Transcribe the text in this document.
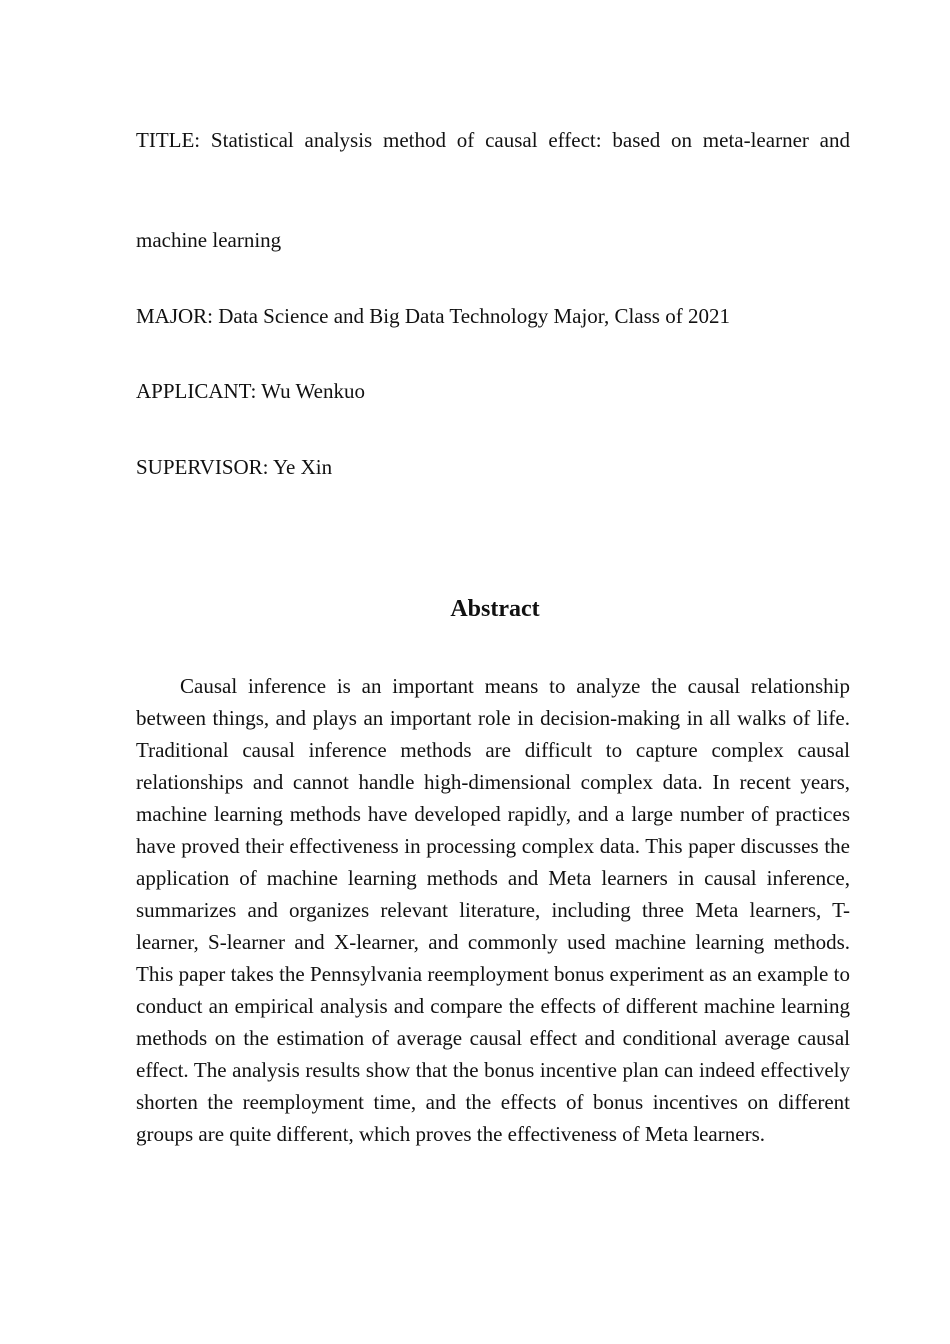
TITLE: Statistical analysis method of causal effect: based on meta-learner and
machine learning
MAJOR: Data Science and Big Data Technology Major, Class of 2021
APPLICANT: Wu Wenkuo
SUPERVISOR: Ye Xin
Abstract

Causal inference is an important means to analyze the causal relationship between things, and plays an important role in decision-making in all walks of life. Traditional causal inference methods are difficult to capture complex causal relationships and cannot handle high-dimensional complex data. In recent years, machine learning methods have developed rapidly, and a large number of practices have proved their effectiveness in processing complex data. This paper discusses the application of machine learning methods and Meta learners in causal inference, summarizes and organizes relevant literature, including three Meta learners, T-learner, S-learner and X-learner, and commonly used machine learning methods. This paper takes the Pennsylvania reemployment bonus experiment as an example to conduct an empirical analysis and compare the effects of different machine learning methods on the estimation of average causal effect and conditional average causal effect. The analysis results show that the bonus incentive plan can indeed effectively shorten the reemployment time, and the effects of bonus incentives on different groups are quite different, which proves the effectiveness of Meta learners.
